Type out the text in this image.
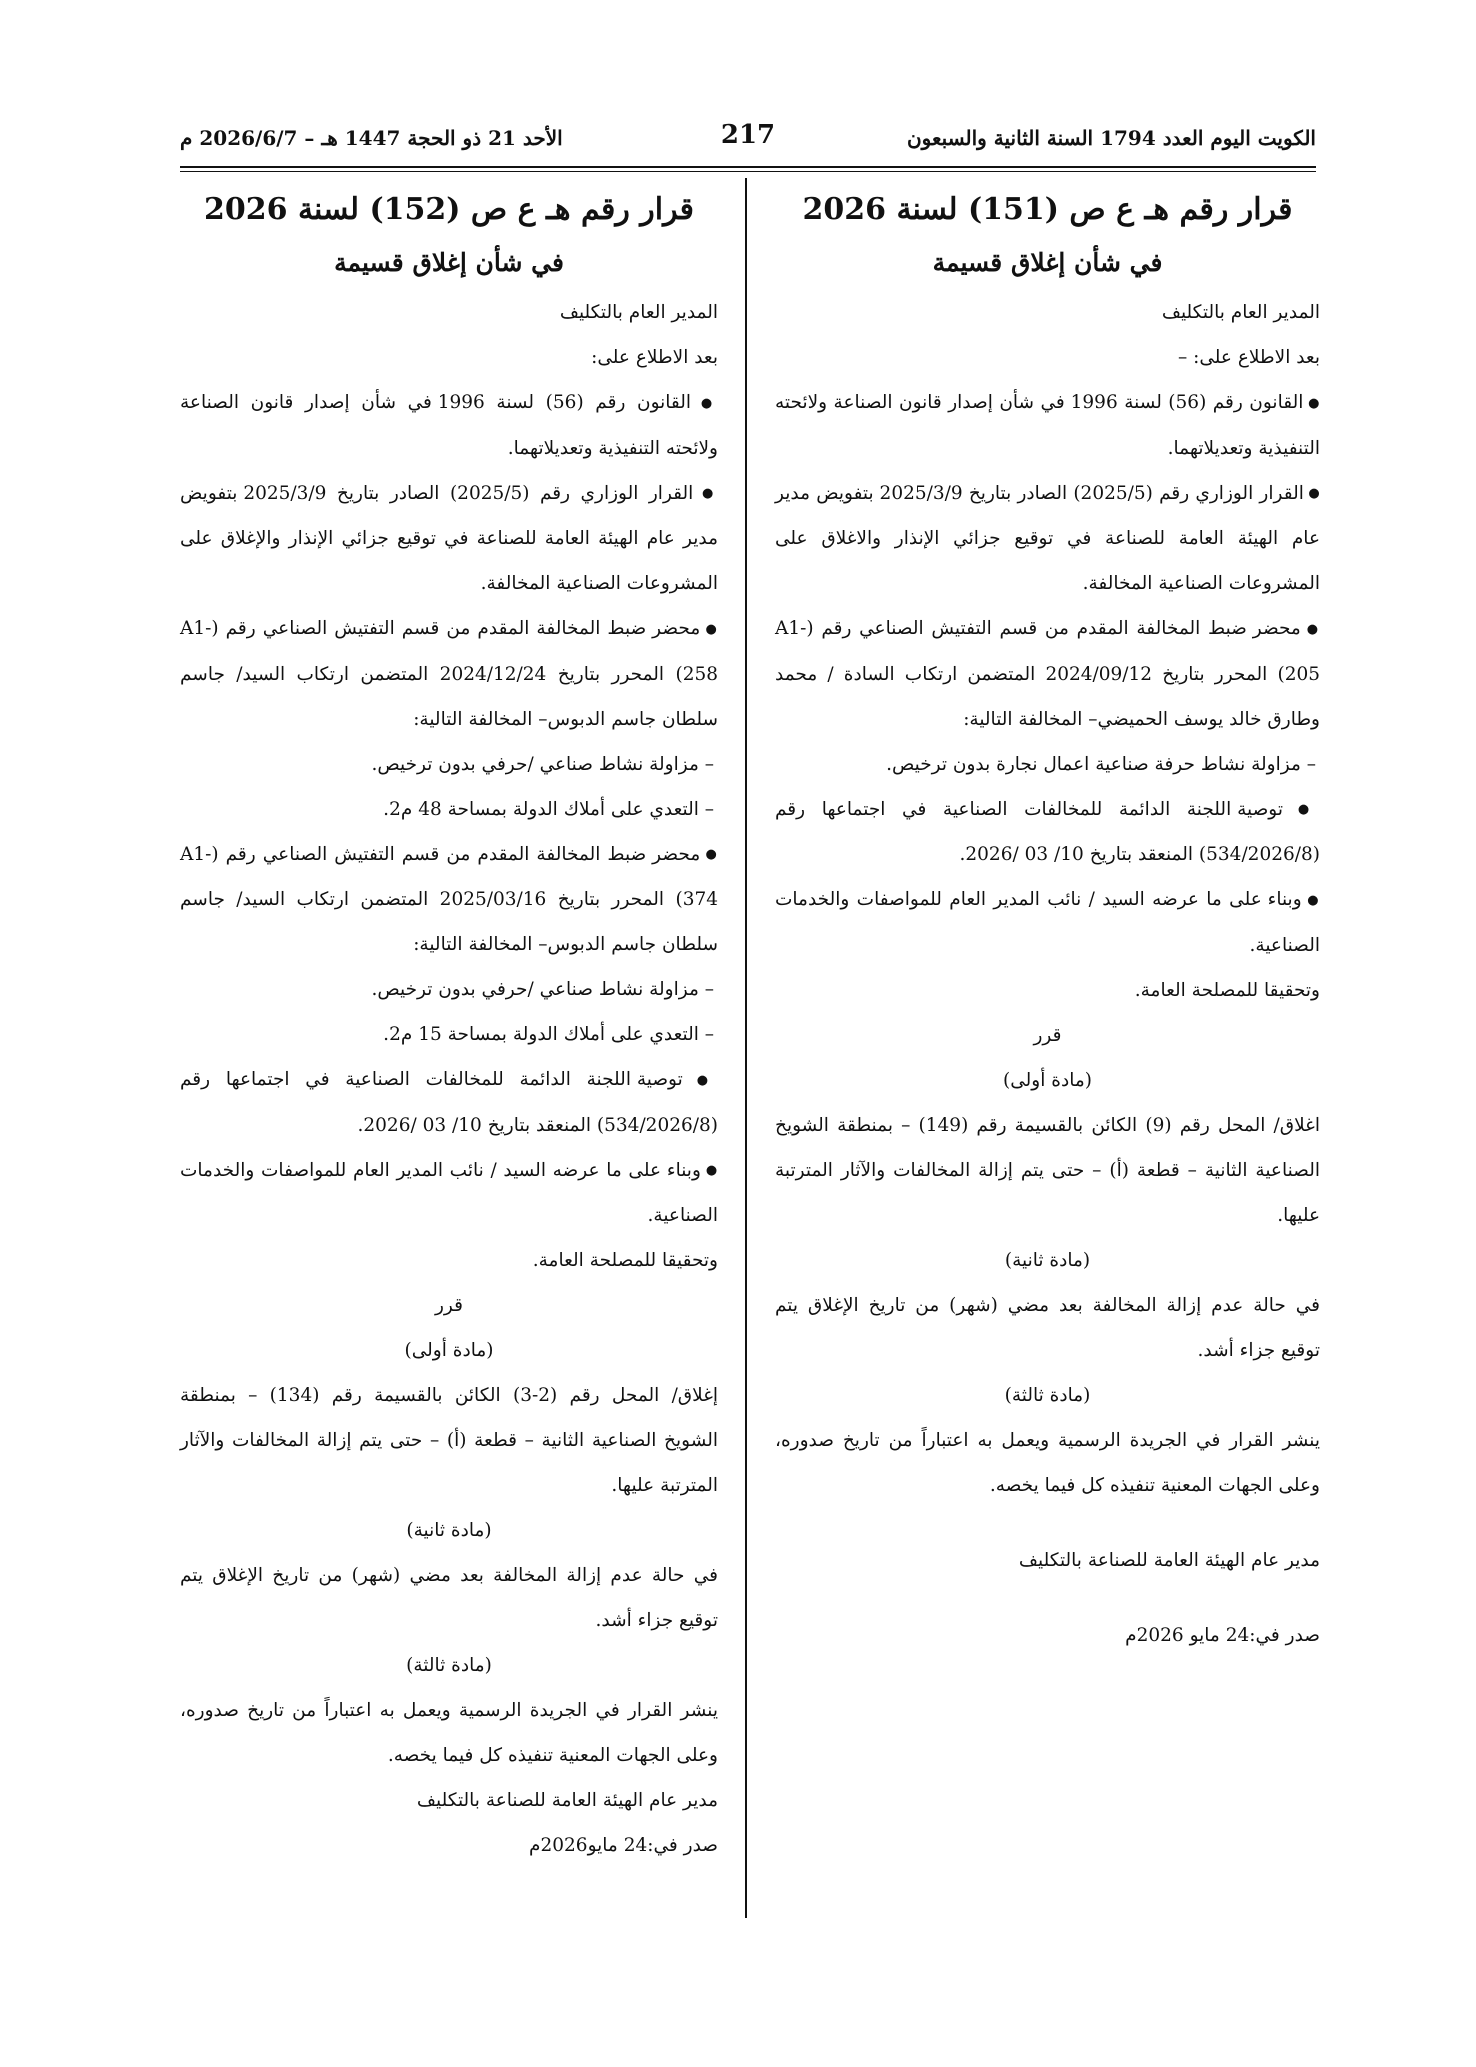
الكويت اليوم العدد 1794 السنة الثانية والسبعون
217
الأحد 21 ذو الحجة 1447 هـ – 2026/6/7 م
قرار رقم هـ ع ص (151) لسنة 2026
في شأن إغلاق قسيمة

المدير العام بالتكليف

بعد الاطلاع على: –

● القانون رقم (56) لسنة 1996 في شأن إصدار قانون الصناعة ولائحته التنفيذية وتعديلاتهما.

● القرار الوزاري رقم (2025/5) الصادر بتاريخ 2025/3/9 بتفويض مدير عام الهيئة العامة للصناعة في توقيع جزائي الإنذار والاغلاق على المشروعات الصناعية المخالفة.

● محضر ضبط المخالفة المقدم من قسم التفتيش الصناعي رقم (A1-205) المحرر بتاريخ 2024/09/12 المتضمن ارتكاب السادة / محمد وطارق خالد يوسف الحميضي– المخالفة التالية:

– مزاولة نشاط حرفة صناعية اعمال نجارة بدون ترخيص.

● توصية اللجنة الدائمة للمخالفات الصناعية في اجتماعها رقم (534/2026/8) المنعقد بتاريخ 10/ 03 /2026.

● وبناء على ما عرضه السيد / نائب المدير العام للمواصفات والخدمات الصناعية.

وتحقيقا للمصلحة العامة.

قرر

(مادة أولى)

اغلاق/ المحل رقم (9) الكائن بالقسيمة رقم (149) – بمنطقة الشويخ الصناعية الثانية – قطعة (أ) – حتى يتم إزالة المخالفات والآثار المترتبة عليها.

(مادة ثانية)

في حالة عدم إزالة المخالفة بعد مضي (شهر) من تاريخ الإغلاق يتم توقيع جزاء أشد.

(مادة ثالثة)

ينشر القرار في الجريدة الرسمية ويعمل به اعتباراً من تاريخ صدوره، وعلى الجهات المعنية تنفيذه كل فيما يخصه.

مدير عام الهيئة العامة للصناعة بالتكليف

صدر في:24 مايو 2026م

قرار رقم هـ ع ص (152) لسنة 2026
في شأن إغلاق قسيمة

المدير العام بالتكليف

بعد الاطلاع على:

● القانون رقم (56) لسنة 1996 في شأن إصدار قانون الصناعة ولائحته التنفيذية وتعديلاتهما.

● القرار الوزاري رقم (2025/5) الصادر بتاريخ 2025/3/9 بتفويض مدير عام الهيئة العامة للصناعة في توقيع جزائي الإنذار والإغلاق على المشروعات الصناعية المخالفة.

● محضر ضبط المخالفة المقدم من قسم التفتيش الصناعي رقم (A1-258) المحرر بتاريخ 2024/12/24 المتضمن ارتكاب السيد/ جاسم سلطان جاسم الدبوس– المخالفة التالية:

– مزاولة نشاط صناعي /حرفي بدون ترخيص.

– التعدي على أملاك الدولة بمساحة 48 م2.

● محضر ضبط المخالفة المقدم من قسم التفتيش الصناعي رقم (A1-374) المحرر بتاريخ 2025/03/16 المتضمن ارتكاب السيد/ جاسم سلطان جاسم الدبوس– المخالفة التالية:

– مزاولة نشاط صناعي /حرفي بدون ترخيص.

– التعدي على أملاك الدولة بمساحة 15 م2.

● توصية اللجنة الدائمة للمخالفات الصناعية في اجتماعها رقم (534/2026/8) المنعقد بتاريخ 10/ 03 /2026.

● وبناء على ما عرضه السيد / نائب المدير العام للمواصفات والخدمات الصناعية.

وتحقيقا للمصلحة العامة.

قرر

(مادة أولى)

إغلاق/ المحل رقم (2-3) الكائن بالقسيمة رقم (134) – بمنطقة الشويخ الصناعية الثانية – قطعة (أ) – حتى يتم إزالة المخالفات والآثار المترتبة عليها.

(مادة ثانية)

في حالة عدم إزالة المخالفة بعد مضي (شهر) من تاريخ الإغلاق يتم توقيع جزاء أشد.

(مادة ثالثة)

ينشر القرار في الجريدة الرسمية ويعمل به اعتباراً من تاريخ صدوره، وعلى الجهات المعنية تنفيذه كل فيما يخصه.

مدير عام الهيئة العامة للصناعة بالتكليف

صدر في:24 مايو2026م
